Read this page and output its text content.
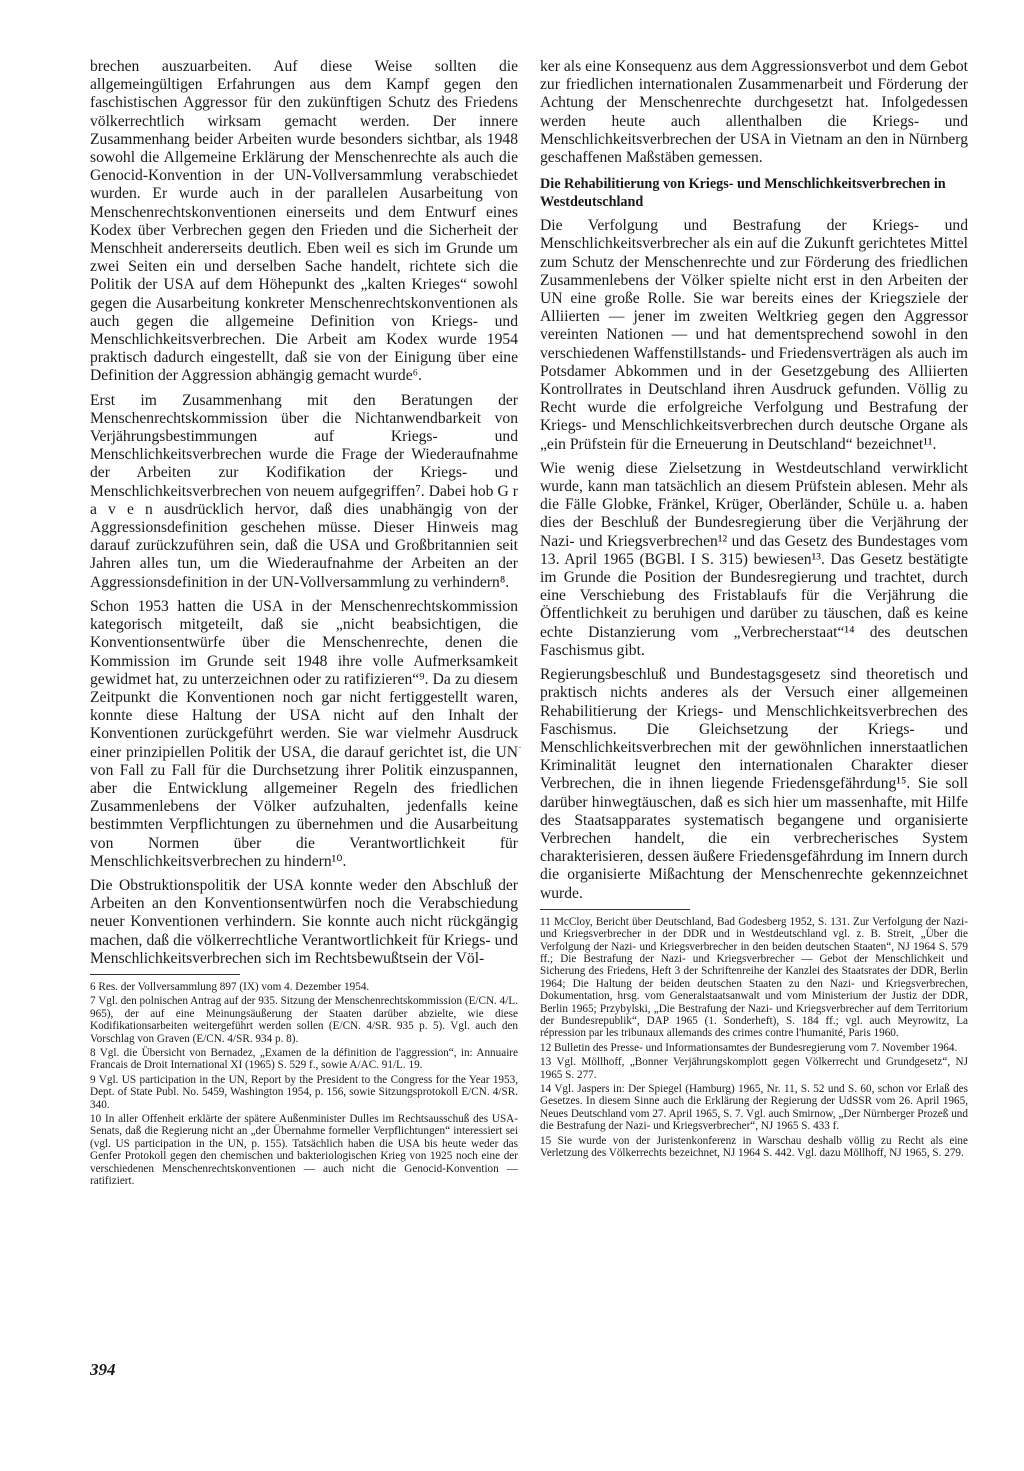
brechen auszuarbeiten. Auf diese Weise sollten die allgemeingültigen Erfahrungen aus dem Kampf gegen den faschistischen Aggressor für den zukünftigen Schutz des Friedens völkerrechtlich wirksam gemacht werden. Der innere Zusammenhang beider Arbeiten wurde besonders sichtbar, als 1948 sowohl die Allgemeine Erklärung der Menschenrechte als auch die Genocid-Konvention in der UN-Vollversammlung verabschiedet wurden. Er wurde auch in der parallelen Ausarbeitung von Menschenrechtskonventionen einerseits und dem Entwurf eines Kodex über Verbrechen gegen den Frieden und die Sicherheit der Menschheit andererseits deutlich. Eben weil es sich im Grunde um zwei Seiten ein und derselben Sache handelt, richtete sich die Politik der USA auf dem Höhepunkt des „kalten Krieges“ sowohl gegen die Ausarbeitung konkreter Menschenrechtskonventionen als auch gegen die allgemeine Definition von Kriegs- und Menschlichkeitsverbrechen. Die Arbeit am Kodex wurde 1954 praktisch dadurch eingestellt, daß sie von der Einigung über eine Definition der Aggression abhängig gemacht wurde⁶.

Erst im Zusammenhang mit den Beratungen der Menschenrechtskommission über die Nichtanwendbarkeit von Verjährungsbestimmungen auf Kriegs- und Menschlichkeitsverbrechen wurde die Frage der Wiederaufnahme der Arbeiten zur Kodifikation der Kriegs- und Menschlichkeitsverbrechen von neuem aufgegriffen⁷. Dabei hob G r a v e n ausdrücklich hervor, daß dies unabhängig von der Aggressionsdefinition geschehen müsse. Dieser Hinweis mag darauf zurückzuführen sein, daß die USA und Großbritannien seit Jahren alles tun, um die Wiederaufnahme der Arbeiten an der Aggressionsdefinition in der UN-Vollversammlung zu verhindern⁸.

Schon 1953 hatten die USA in der Menschenrechtskommission kategorisch mitgeteilt, daß sie „nicht beabsichtigen, die Konventionsentwürfe über die Menschenrechte, denen die Kommission im Grunde seit 1948 ihre volle Aufmerksamkeit gewidmet hat, zu unterzeichnen oder zu ratifizieren“⁹. Da zu diesem Zeitpunkt die Konventionen noch gar nicht fertiggestellt waren, konnte diese Haltung der USA nicht auf den Inhalt der Konventionen zurückgeführt werden. Sie war vielmehr Ausdruck einer prinzipiellen Politik der USA, die darauf gerichtet ist, die UN von Fall zu Fall für die Durchsetzung ihrer Politik einzuspannen, aber die Entwicklung allgemeiner Regeln des friedlichen Zusammenlebens der Völker aufzuhalten, jedenfalls keine bestimmten Verpflichtungen zu übernehmen und die Ausarbeitung von Normen über die Verantwortlichkeit für Menschlichkeitsverbrechen zu hindern¹⁰.

Die Obstruktionspolitik der USA konnte weder den Abschluß der Arbeiten an den Konventionsentwürfen noch die Verabschiedung neuer Konventionen verhindern. Sie konnte auch nicht rückgängig machen, daß die völkerrechtliche Verantwortlichkeit für Kriegs- und Menschlichkeitsverbrechen sich im Rechtsbewußtsein der Völ-

6 Res. der Vollversammlung 897 (IX) vom 4. Dezember 1954.

7 Vgl. den polnischen Antrag auf der 935. Sitzung der Menschenrechtskommission (E/CN. 4/L. 965), der auf eine Meinungsäußerung der Staaten darüber abzielte, wie diese Kodifikationsarbeiten weitergeführt werden sollen (E/CN. 4/SR. 935 p. 5). Vgl. auch den Vorschlag von Graven (E/CN. 4/SR. 934 p. 8).

8 Vgl. die Übersicht von Bernadez, „Examen de la définition de l'aggression“, in: Annuaire Francais de Droit International XI (1965) S. 529 f., sowie A/AC. 91/L. 19.

9 Vgl. US participation in the UN, Report by the President to the Congress for the Year 1953, Dept. of State Publ. No. 5459, Washington 1954, p. 156, sowie Sitzungsprotokoll E/CN. 4/SR. 340.

10 In aller Offenheit erklärte der spätere Außenminister Dulles im Rechtsausschuß des USA-Senats, daß die Regierung nicht an „der Übernahme formeller Verpflichtungen“ interessiert sei (vgl. US participation in the UN, p. 155). Tatsächlich haben die USA bis heute weder das Genfer Protokoll gegen den chemischen und bakteriologischen Krieg von 1925 noch eine der verschiedenen Menschenrechtskonventionen — auch nicht die Genocid-Konvention — ratifiziert.

ker als eine Konsequenz aus dem Aggressionsverbot und dem Gebot zur friedlichen internationalen Zusammenarbeit und Förderung der Achtung der Menschenrechte durchgesetzt hat. Infolgedessen werden heute auch allenthalben die Kriegs- und Menschlichkeitsverbrechen der USA in Vietnam an den in Nürnberg geschaffenen Maßstäben gemessen.

Die Rehabilitierung von Kriegs- und Menschlichkeitsverbrechen in Westdeutschland

Die Verfolgung und Bestrafung der Kriegs- und Menschlichkeitsverbrecher als ein auf die Zukunft gerichtetes Mittel zum Schutz der Menschenrechte und zur Förderung des friedlichen Zusammenlebens der Völker spielte nicht erst in den Arbeiten der UN eine große Rolle. Sie war bereits eines der Kriegsziele der Alliierten — jener im zweiten Weltkrieg gegen den Aggressor vereinten Nationen — und hat dementsprechend sowohl in den verschiedenen Waffenstillstands- und Friedensverträgen als auch im Potsdamer Abkommen und in der Gesetzgebung des Alliierten Kontrollrates in Deutschland ihren Ausdruck gefunden. Völlig zu Recht wurde die erfolgreiche Verfolgung und Bestrafung der Kriegs- und Menschlichkeitsverbrechen durch deutsche Organe als „ein Prüfstein für die Erneuerung in Deutschland“ bezeichnet¹¹.

Wie wenig diese Zielsetzung in Westdeutschland verwirklicht wurde, kann man tatsächlich an diesem Prüfstein ablesen. Mehr als die Fälle Globke, Fränkel, Krüger, Oberländer, Schüle u. a. haben dies der Beschluß der Bundesregierung über die Verjährung der Nazi- und Kriegsverbrechen¹² und das Gesetz des Bundestages vom 13. April 1965 (BGBl. I S. 315) bewiesen¹³. Das Gesetz bestätigte im Grunde die Position der Bundesregierung und trachtet, durch eine Verschiebung des Fristablaufs für die Verjährung die Öffentlichkeit zu beruhigen und darüber zu täuschen, daß es keine echte Distanzierung vom „Verbrecherstaat“¹⁴ des deutschen Faschismus gibt.

Regierungsbeschluß und Bundestagsgesetz sind theoretisch und praktisch nichts anderes als der Versuch einer allgemeinen Rehabilitierung der Kriegs- und Menschlichkeitsverbrechen des Faschismus. Die Gleichsetzung der Kriegs- und Menschlichkeitsverbrechen mit der gewöhnlichen innerstaatlichen Kriminalität leugnet den internationalen Charakter dieser Verbrechen, die in ihnen liegende Friedensgefährdung¹⁵. Sie soll darüber hinwegtäuschen, daß es sich hier um massenhafte, mit Hilfe des Staatsapparates systematisch begangene und organisierte Verbrechen handelt, die ein verbrecherisches System charakterisieren, dessen äußere Friedensgefährdung im Innern durch die organisierte Mißachtung der Menschenrechte gekennzeichnet wurde.

11 McCloy, Bericht über Deutschland, Bad Godesberg 1952, S. 131. Zur Verfolgung der Nazi- und Kriegsverbrecher in der DDR und in Westdeutschland vgl. z. B. Streit, „Über die Verfolgung der Nazi- und Kriegsverbrecher in den beiden deutschen Staaten“, NJ 1964 S. 579 ff.; Die Bestrafung der Nazi- und Kriegsverbrecher — Gebot der Menschlichkeit und Sicherung des Friedens, Heft 3 der Schriftenreihe der Kanzlei des Staatsrates der DDR, Berlin 1964; Die Haltung der beiden deutschen Staaten zu den Nazi- und Kriegsverbrechen, Dokumentation, hrsg. vom Generalstaatsanwalt und vom Ministerium der Justiz der DDR, Berlin 1965; Przybylski, „Die Bestrafung der Nazi- und Kriegsverbrecher auf dem Territorium der Bundesrepublik“, DAP 1965 (1. Sonderheft), S. 184 ff.; vgl. auch Meyrowitz, La répression par les tribunaux allemands des crimes contre l'humanité, Paris 1960.

12 Bulletin des Presse- und Informationsamtes der Bundesregierung vom 7. November 1964.

13 Vgl. Möllhoff, „Bonner Verjährungskomplott gegen Völkerrecht und Grundgesetz“, NJ 1965 S. 277.

14 Vgl. Jaspers in: Der Spiegel (Hamburg) 1965, Nr. 11, S. 52 und S. 60, schon vor Erlaß des Gesetzes. In diesem Sinne auch die Erklärung der Regierung der UdSSR vom 26. April 1965, Neues Deutschland vom 27. April 1965, S. 7. Vgl. auch Smirnow, „Der Nürnberger Prozeß und die Bestrafung der Nazi- und Kriegsverbrecher“, NJ 1965 S. 433 f.

15 Sie wurde von der Juristenkonferenz in Warschau deshalb völlig zu Recht als eine Verletzung des Völkerrechts bezeichnet, NJ 1964 S. 442. Vgl. dazu Möllhoff, NJ 1965, S. 279.

·
394
